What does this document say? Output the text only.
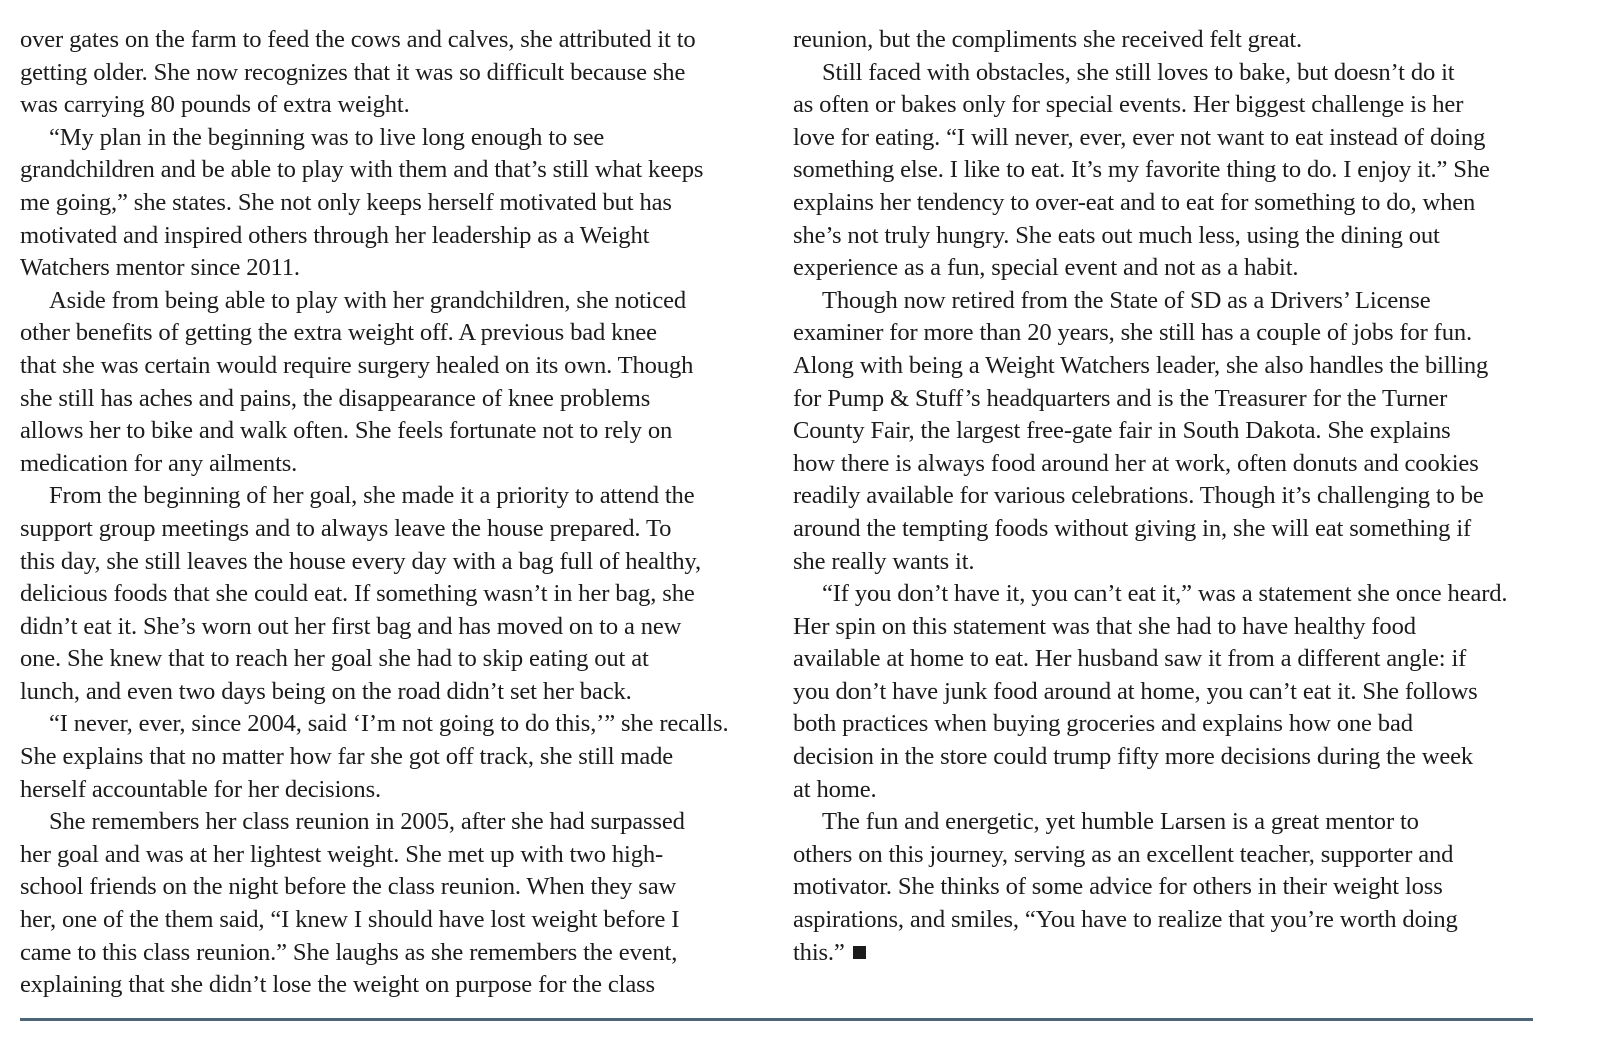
over gates on the farm to feed the cows and calves, she attributed it to
getting older. She now recognizes that it was so difficult because she
was carrying 80 pounds of extra weight.
“My plan in the beginning was to live long enough to see
grandchildren and be able to play with them and that’s still what keeps
me going,” she states. She not only keeps herself motivated but has
motivated and inspired others through her leadership as a Weight
Watchers mentor since 2011.
Aside from being able to play with her grandchildren, she noticed
other benefits of getting the extra weight off. A previous bad knee
that she was certain would require surgery healed on its own. Though
she still has aches and pains, the disappearance of knee problems
allows her to bike and walk often. She feels fortunate not to rely on
medication for any ailments.
From the beginning of her goal, she made it a priority to attend the
support group meetings and to always leave the house prepared. To
this day, she still leaves the house every day with a bag full of healthy,
delicious foods that she could eat. If something wasn’t in her bag, she
didn’t eat it. She’s worn out her first bag and has moved on to a new
one. She knew that to reach her goal she had to skip eating out at
lunch, and even two days being on the road didn’t set her back.
“I never, ever, since 2004, said ‘I’m not going to do this,’” she recalls.
She explains that no matter how far she got off track, she still made
herself accountable for her decisions.
She remembers her class reunion in 2005, after she had surpassed
her goal and was at her lightest weight. She met up with two high-
school friends on the night before the class reunion. When they saw
her, one of the them said, “I knew I should have lost weight before I
came to this class reunion.” She laughs as she remembers the event,
explaining that she didn’t lose the weight on purpose for the class
reunion, but the compliments she received felt great.
Still faced with obstacles, she still loves to bake, but doesn’t do it
as often or bakes only for special events. Her biggest challenge is her
love for eating. “I will never, ever, ever not want to eat instead of doing
something else. I like to eat. It’s my favorite thing to do. I enjoy it.” She
explains her tendency to over-eat and to eat for something to do, when
she’s not truly hungry. She eats out much less, using the dining out
experience as a fun, special event and not as a habit.
Though now retired from the State of SD as a Drivers’ License
examiner for more than 20 years, she still has a couple of jobs for fun.
Along with being a Weight Watchers leader, she also handles the billing
for Pump & Stuff’s headquarters and is the Treasurer for the Turner
County Fair, the largest free-gate fair in South Dakota. She explains
how there is always food around her at work, often donuts and cookies
readily available for various celebrations. Though it’s challenging to be
around the tempting foods without giving in, she will eat something if
she really wants it.
“If you don’t have it, you can’t eat it,” was a statement she once heard.
Her spin on this statement was that she had to have healthy food
available at home to eat. Her husband saw it from a different angle: if
you don’t have junk food around at home, you can’t eat it. She follows
both practices when buying groceries and explains how one bad
decision in the store could trump fifty more decisions during the week
at home.
The fun and energetic, yet humble Larsen is a great mentor to
others on this journey, serving as an excellent teacher, supporter and
motivator. She thinks of some advice for others in their weight loss
aspirations, and smiles, “You have to realize that you’re worth doing
this.”
